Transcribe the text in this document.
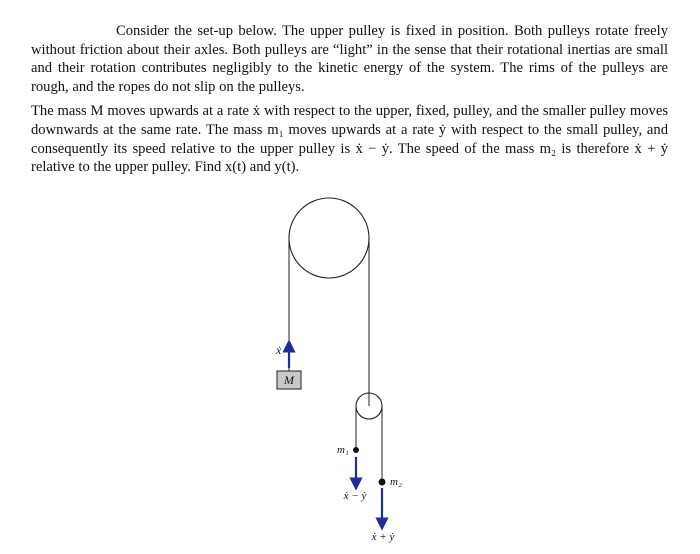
Consider the set-up below. The upper pulley is fixed in position. Both pulleys rotate freely without friction about their axles. Both pulleys are “light” in the sense that their rotational inertias are small and their rotation contributes negligibly to the kinetic energy of the system. The rims of the pulleys are rough, and the ropes do not slip on the pulleys.

The mass M moves upwards at a rate ẋ with respect to the upper, fixed, pulley, and the smaller pulley moves downwards at the same rate. The mass m₁ moves upwards at a rate ẏ with respect to the small pulley, and consequently its speed relative to the upper pulley is ẋ − ẏ. The speed of the mass m₂ is therefore ẋ + ẏ relative to the upper pulley. Find x(t) and y(t).

ẋ
M
m₁
ẋ − ẏ
m₂
ẋ + ẏ
